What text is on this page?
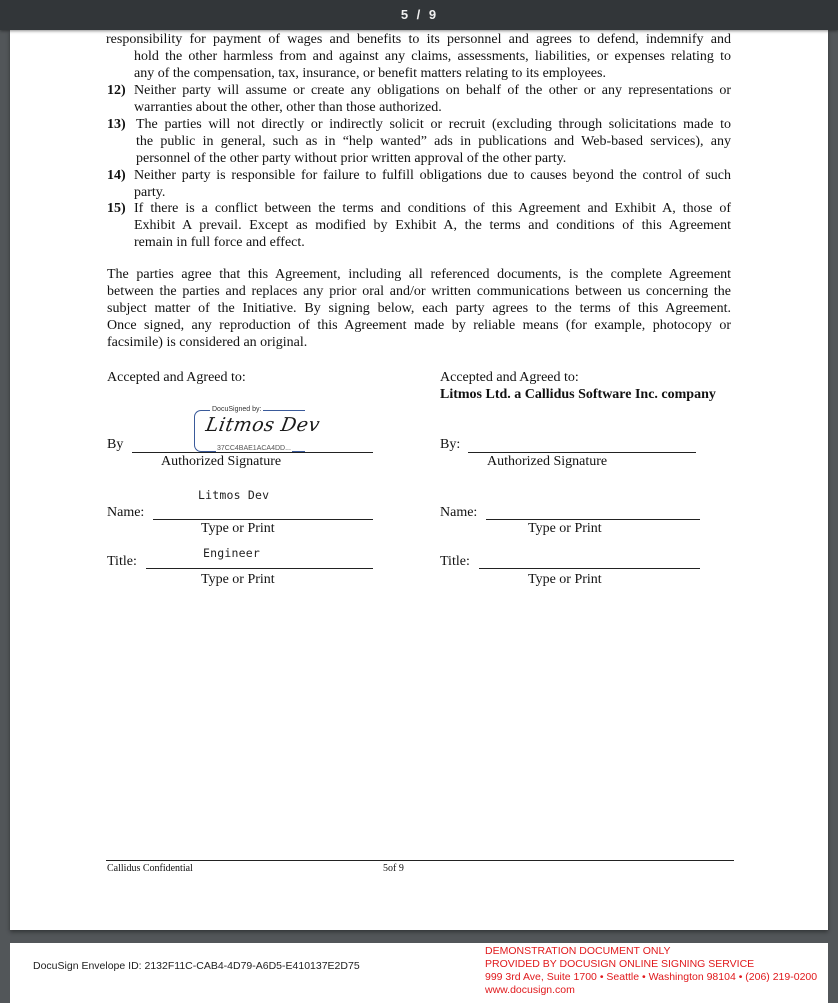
5 / 9
responsibility for payment of wages and benefits to its personnel and agrees to defend, indemnify and
hold the other harmless from and against any claims, assessments, liabilities, or expenses relating to
any of the compensation, tax, insurance, or benefit matters relating to its employees.
12) Neither party will assume or create any obligations on behalf of the other or any representations or
warranties about the other, other than those authorized.
13) The parties will not directly or indirectly solicit or recruit (excluding through solicitations made to
the public in general, such as in “help wanted” ads in publications and Web-based services), any
personnel of the other party without prior written approval of the other party.
14) Neither party is responsible for failure to fulfill obligations due to causes beyond the control of such
party.
15) If there is a conflict between the terms and conditions of this Agreement and Exhibit A, those of
Exhibit A prevail. Except as modified by Exhibit A, the terms and conditions of this Agreement
remain in full force and effect.
The parties agree that this Agreement, including all referenced documents, is the complete Agreement
between the parties and replaces any prior oral and/or written communications between us concerning the
subject matter of the Initiative. By signing below, each party agrees to the terms of this Agreement.
Once signed, any reproduction of this Agreement made by reliable means (for example, photocopy or
facsimile) is considered an original.
Accepted and Agreed to:
DocuSigned by:
Litmos Dev
37CC4BAE1ACA4DD...
By
Authorized Signature
Litmos Dev
Name:
Type or Print
Engineer
Title:
Type or Print
Accepted and Agreed to:
Litmos Ltd. a Callidus Software Inc. company
By:
Authorized Signature
Name:
Type or Print
Title:
Type or Print
Callidus Confidential	5of 9
DocuSign Envelope ID: 2132F11C-CAB4-4D79-A6D5-E410137E2D75
DEMONSTRATION DOCUMENT ONLY
PROVIDED BY DOCUSIGN ONLINE SIGNING SERVICE
999 3rd Ave, Suite 1700 • Seattle • Washington 98104 • (206) 219-0200
www.docusign.com
